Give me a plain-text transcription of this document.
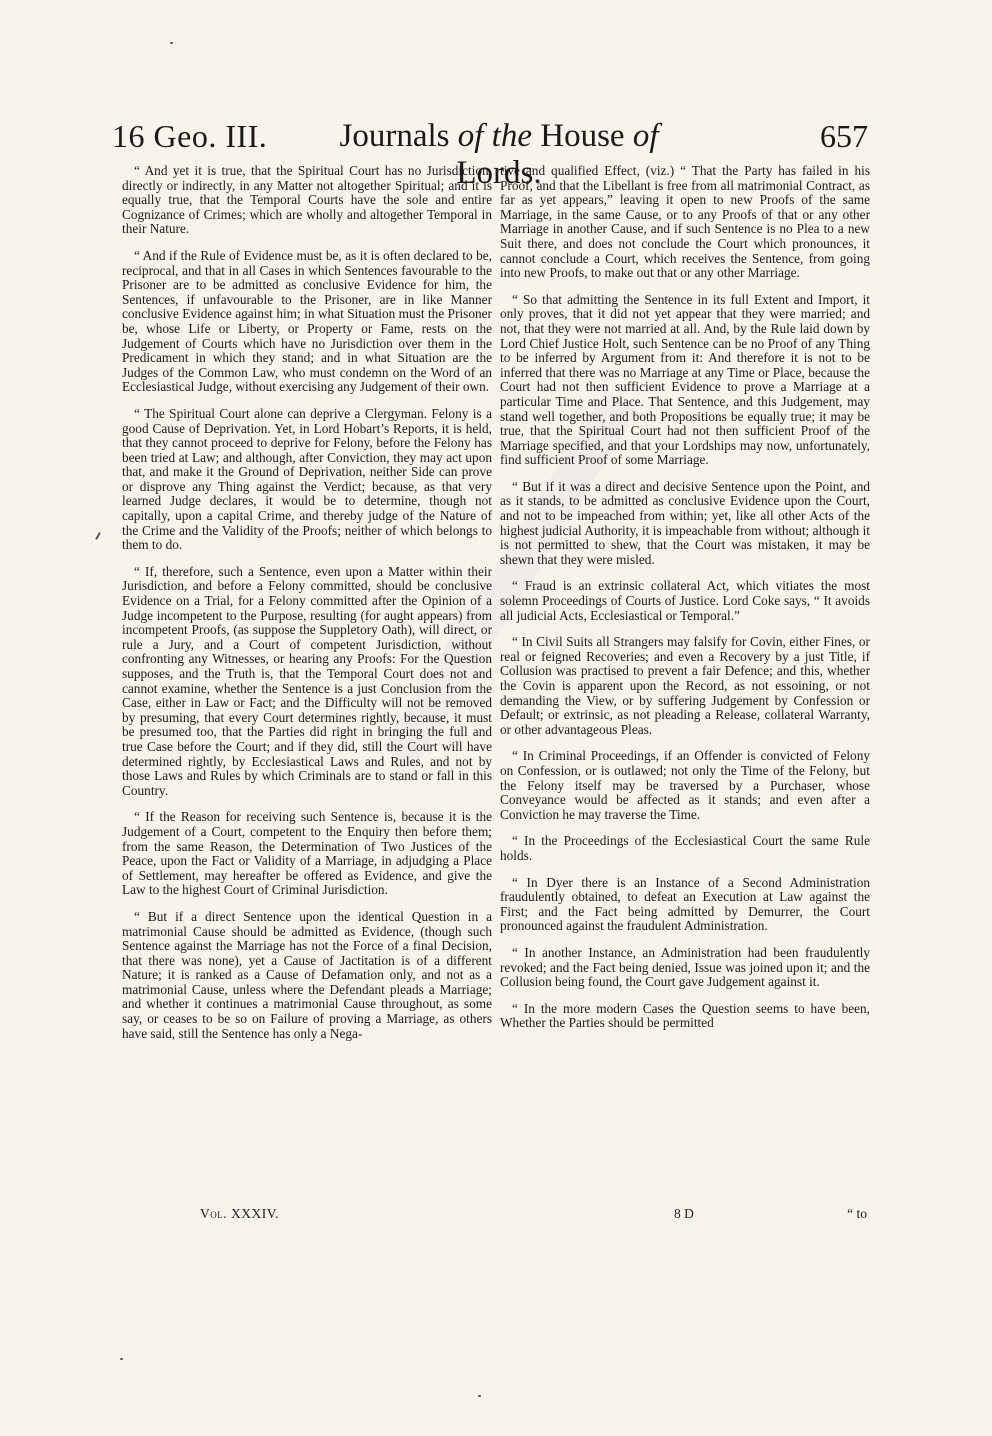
16 Geo. III. Journals of the House of Lords.
657

“ And yet it is true, that the Spiritual Court has no Jurisdiction, directly or indirectly, in any Matter not altogether Spiritual; and it is equally true, that the Temporal Courts have the sole and entire Cognizance of Crimes; which are wholly and altogether Temporal in their Nature.

“ And if the Rule of Evidence must be, as it is often declared to be, reciprocal, and that in all Cases in which Sentences favourable to the Prisoner are to be admitted as conclusive Evidence for him, the Sentences, if unfavourable to the Prisoner, are in like Manner conclusive Evidence against him; in what Situation must the Prisoner be, whose Life or Liberty, or Property or Fame, rests on the Judgement of Courts which have no Jurisdiction over them in the Predicament in which they stand; and in what Situation are the Judges of the Common Law, who must condemn on the Word of an Ecclesiastical Judge, without exercising any Judgement of their own.

“ The Spiritual Court alone can deprive a Clergyman. Felony is a good Cause of Deprivation. Yet, in Lord Hobart’s Reports, it is held, that they cannot proceed to deprive for Felony, before the Felony has been tried at Law; and although, after Conviction, they may act upon that, and make it the Ground of Deprivation, neither Side can prove or disprove any Thing against the Verdict; because, as that very learned Judge declares, it would be to determine, though not capitally, upon a capital Crime, and thereby judge of the Nature of the Crime and the Validity of the Proofs; neither of which belongs to them to do.

“ If, therefore, such a Sentence, even upon a Matter within their Jurisdiction, and before a Felony committed, should be conclusive Evidence on a Trial, for a Felony committed after the Opinion of a Judge incompetent to the Purpose, resulting (for aught appears) from incompetent Proofs, (as suppose the Suppletory Oath), will direct, or rule a Jury, and a Court of competent Jurisdiction, without confronting any Witnesses, or hearing any Proofs: For the Question supposes, and the Truth is, that the Temporal Court does not and cannot examine, whether the Sentence is a just Conclusion from the Case, either in Law or Fact; and the Difficulty will not be removed by presuming, that every Court determines rightly, because, it must be presumed too, that the Parties did right in bringing the full and true Case before the Court; and if they did, still the Court will have determined rightly, by Ecclesiastical Laws and Rules, and not by those Laws and Rules by which Criminals are to stand or fall in this Country.

“ If the Reason for receiving such Sentence is, because it is the Judgement of a Court, competent to the Enquiry then before them; from the same Reason, the Determination of Two Justices of the Peace, upon the Fact or Validity of a Marriage, in adjudging a Place of Settlement, may hereafter be offered as Evidence, and give the Law to the highest Court of Criminal Jurisdiction.

“ But if a direct Sentence upon the identical Question in a matrimonial Cause should be admitted as Evidence, (though such Sentence against the Marriage has not the Force of a final Decision, that there was none), yet a Cause of Jactitation is of a different Nature; it is ranked as a Cause of Defamation only, and not as a matrimonial Cause, unless where the Defendant pleads a Marriage; and whether it continues a matrimonial Cause throughout, as some say, or ceases to be so on Failure of proving a Marriage, as others have said, still the Sentence has only a Nega-

tive and qualified Effect, (viz.) “ That the Party has failed in his Proof, and that the Libellant is free from all matrimonial Contract, as far as yet appears,” leaving it open to new Proofs of the same Marriage, in the same Cause, or to any Proofs of that or any other Marriage in another Cause, and if such Sentence is no Plea to a new Suit there, and does not conclude the Court which pronounces, it cannot conclude a Court, which receives the Sentence, from going into new Proofs, to make out that or any other Marriage.

“ So that admitting the Sentence in its full Extent and Import, it only proves, that it did not yet appear that they were married; and not, that they were not married at all. And, by the Rule laid down by Lord Chief Justice Holt, such Sentence can be no Proof of any Thing to be inferred by Argument from it: And therefore it is not to be inferred that there was no Marriage at any Time or Place, because the Court had not then sufficient Evidence to prove a Marriage at a particular Time and Place. That Sentence, and this Judgement, may stand well together, and both Propositions be equally true; it may be true, that the Spiritual Court had not then sufficient Proof of the Marriage specified, and that your Lordships may now, unfortunately, find sufficient Proof of some Marriage.

“ But if it was a direct and decisive Sentence upon the Point, and as it stands, to be admitted as conclusive Evidence upon the Court, and not to be impeached from within; yet, like all other Acts of the highest judicial Authority, it is impeachable from without; although it is not permitted to shew, that the Court was mistaken, it may be shewn that they were misled.

“ Fraud is an extrinsic collateral Act, which vitiates the most solemn Proceedings of Courts of Justice. Lord Coke says, “ It avoids all judicial Acts, Ecclesiastical or Temporal.”

“ In Civil Suits all Strangers may falsify for Covin, either Fines, or real or feigned Recoveries; and even a Recovery by a just Title, if Collusion was practised to prevent a fair Defence; and this, whether the Covin is apparent upon the Record, as not essoining, or not demanding the View, or by suffering Judgement by Confession or Default; or extrinsic, as not pleading a Release, collateral Warranty, or other advantageous Pleas.

“ In Criminal Proceedings, if an Offender is convicted of Felony on Confession, or is outlawed; not only the Time of the Felony, but the Felony itself may be traversed by a Purchaser, whose Conveyance would be affected as it stands; and even after a Conviction he may traverse the Time.

“ In the Proceedings of the Ecclesiastical Court the same Rule holds.

“ In Dyer there is an Instance of a Second Administration fraudulently obtained, to defeat an Execution at Law against the First; and the Fact being admitted by Demurrer, the Court pronounced against the fraudulent Administration.

“ In another Instance, an Administration had been fraudulently revoked; and the Fact being denied, Issue was joined upon it; and the Collusion being found, the Court gave Judgement against it.

“ In the more modern Cases the Question seems to have been, Whether the Parties should be permitted

Vol. XXXIV.	8 D	“ to
